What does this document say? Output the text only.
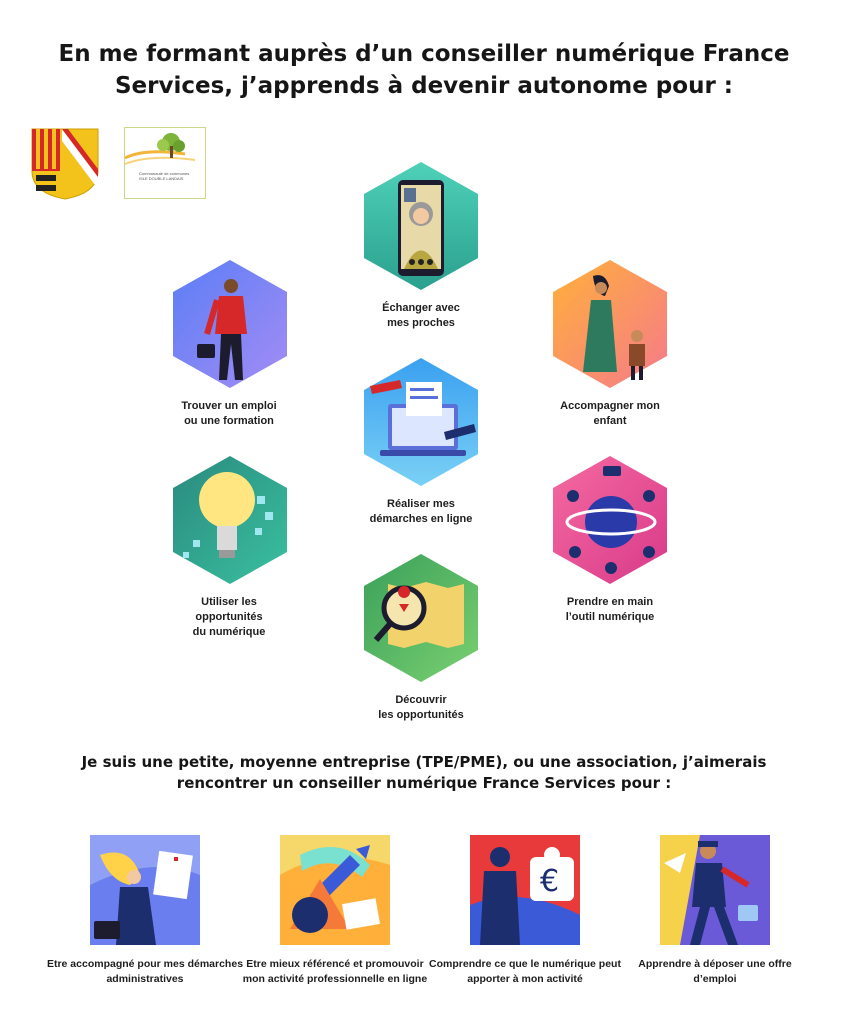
En me formant auprès d’un conseiller numérique France
Services, j’apprends à devenir autonome pour :
Communauté de communes
ISLE DOUBLE LANDAIS
Échanger avec
mes proches
Trouver un emploi
ou une formation
Accompagner mon
enfant
Réaliser mes
démarches en ligne
Utiliser les
opportunités
du numérique
Prendre en main
l’outil numérique
Découvrir
les opportunités
Je suis une petite, moyenne entreprise (TPE/PME), ou une association, j’aimerais
rencontrer un conseiller numérique France Services pour :
Etre accompagné pour mes démarches
administratives
Etre mieux référencé et promouvoir
mon activité professionnelle en ligne
€
Comprendre ce que le numérique peut
apporter à mon activité
Apprendre à déposer une offre
d’emploi
